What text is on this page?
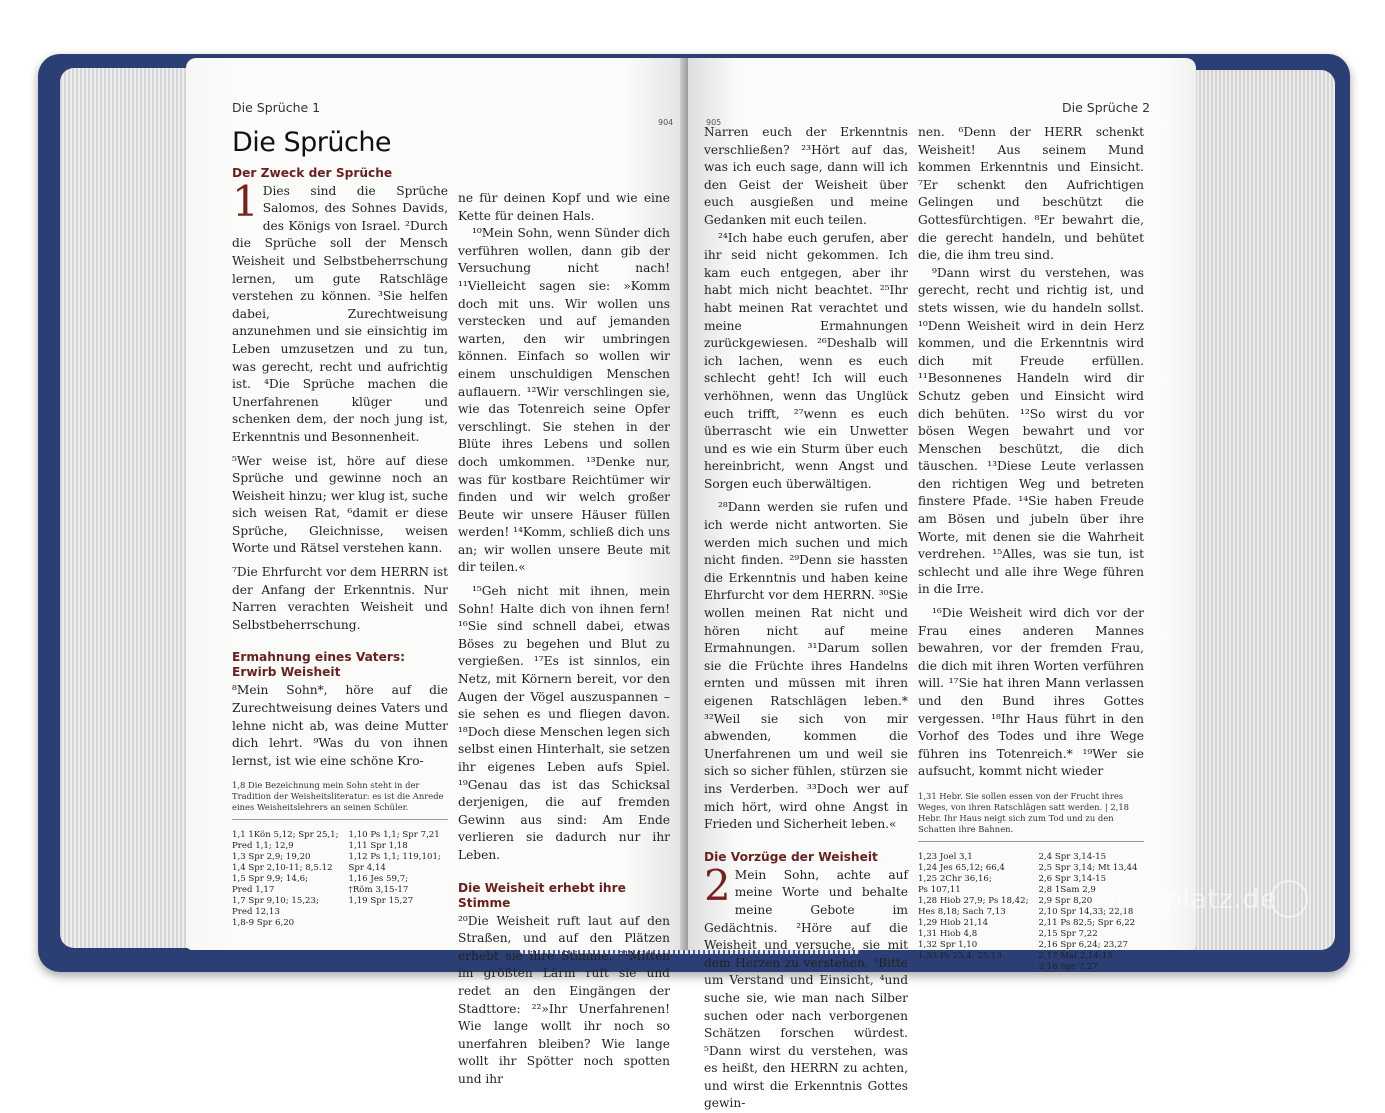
Die Sprüche 1
904
Die Sprüche
Der Zweck der Sprüche

1 Dies sind die Sprüche Salomos, des Sohnes Davids, des Königs von Israel. ²Durch die Sprüche soll der Mensch Weisheit und Selbstbeherrschung lernen, um gute Ratschläge verstehen zu können. ³Sie helfen dabei, Zurechtweisung anzunehmen und sie einsichtig im Leben umzusetzen und zu tun, was gerecht, recht und aufrichtig ist. ⁴Die Sprüche machen die Unerfahrenen klüger und schenken dem, der noch jung ist, Erkenntnis und Besonnenheit.

⁵Wer weise ist, höre auf diese Sprüche und gewinne noch an Weisheit hinzu; wer klug ist, suche sich weisen Rat, ⁶damit er diese Sprüche, Gleichnisse, weisen Worte und Rätsel verstehen kann.

⁷Die Ehrfurcht vor dem HERRN ist der Anfang der Erkenntnis. Nur Narren verachten Weisheit und Selbstbeherrschung.

Ermahnung eines Vaters: Erwirb Weisheit

⁸Mein Sohn*, höre auf die Zurechtweisung deines Vaters und lehne nicht ab, was deine Mutter dich lehrt. ⁹Was du von ihnen lernst, ist wie eine schöne Kro-

1,8 Die Bezeichnung mein Sohn steht in der Tradition der Weisheitsliteratur: es ist die Anrede eines Weisheitslehrers an seinen Schüler.
1,1 1Kön 5,12; Spr 25,1; 1,10 Ps 1,1; Spr 7,21
Pred 1,1; 12,9	1,11 Spr 1,18
1,3 Spr 2,9; 19,20	1,12 Ps 1,1; 119,101;
1,4 Spr 2,10-11; 8,5.12	Spr 4,14
1,5 Spr 9,9; 14,6;	1,16 Jes 59,7;
Pred 1,17	†Röm 3,15-17
1,7 Spr 9,10; 15,23;	1,19 Spr 15,27
Pred 12,13
1,8-9 Spr 6,20

ne für deinen Kopf und wie eine Kette für deinen Hals.

¹⁰Mein Sohn, wenn Sünder dich verführen wollen, dann gib der Versuchung nicht nach! ¹¹Vielleicht sagen sie: »Komm doch mit uns. Wir wollen uns verstecken und auf jemanden warten, den wir umbringen können. Einfach so wollen wir einem unschuldigen Menschen auflauern. ¹²Wir verschlingen sie, wie das Totenreich seine Opfer verschlingt. Sie stehen in der Blüte ihres Lebens und sollen doch umkommen. ¹³Denke nur, was für kostbare Reichtümer wir finden und wir welch großer Beute wir unsere Häuser füllen werden! ¹⁴Komm, schließ dich uns an; wir wollen unsere Beute mit dir teilen.«

¹⁵Geh nicht mit ihnen, mein Sohn! Halte dich von ihnen fern! ¹⁶Sie sind schnell dabei, etwas Böses zu begehen und Blut zu vergießen. ¹⁷Es ist sinnlos, ein Netz, mit Körnern bereit, vor den Augen der Vögel auszuspannen – sie sehen es und fliegen davon. ¹⁸Doch diese Menschen legen sich selbst einen Hinterhalt, sie setzen ihr eigenes Leben aufs Spiel. ¹⁹Genau das ist das Schicksal derjenigen, die auf fremden Gewinn aus sind: Am Ende verlieren sie dadurch nur ihr Leben.

Die Weisheit erhebt ihre Stimme

²⁰Die Weisheit ruft laut auf den Straßen, und auf den Plätzen erhebt sie ihre Stimme. ²¹Mitten im größten Lärm ruft sie und redet an den Eingängen der Stadttore: ²²»Ihr Unerfahrenen! Wie lange wollt ihr noch so unerfahren bleiben? Wie lange wollt ihr Spötter noch spotten und ihr

Die Sprüche 2
905

Narren euch der Erkenntnis verschließen? ²³Hört auf das, was ich euch sage, dann will ich den Geist der Weisheit über euch ausgießen und meine Gedanken mit euch teilen.

²⁴Ich habe euch gerufen, aber ihr seid nicht gekommen. Ich kam euch entgegen, aber ihr habt mich nicht beachtet. ²⁵Ihr habt meinen Rat verachtet und meine Ermahnungen zurückgewiesen. ²⁶Deshalb will ich lachen, wenn es euch schlecht geht! Ich will euch verhöhnen, wenn das Unglück euch trifft, ²⁷wenn es euch überrascht wie ein Unwetter und es wie ein Sturm über euch hereinbricht, wenn Angst und Sorgen euch überwältigen.

²⁸Dann werden sie rufen und ich werde nicht antworten. Sie werden mich suchen und mich nicht finden. ²⁹Denn sie hassten die Erkenntnis und haben keine Ehrfurcht vor dem HERRN. ³⁰Sie wollen meinen Rat nicht und hören nicht auf meine Ermahnungen. ³¹Darum sollen sie die Früchte ihres Handelns ernten und müssen mit ihren eigenen Ratschlägen leben.* ³²Weil sie sich von mir abwenden, kommen die Unerfahrenen um und weil sie sich so sicher fühlen, stürzen sie ins Verderben. ³³Doch wer auf mich hört, wird ohne Angst in Frieden und Sicherheit leben.«

Die Vorzüge der Weisheit

2 Mein Sohn, achte auf meine Worte und behalte meine Gebote im Gedächtnis. ²Höre auf die Weisheit und versuche, sie mit dem Herzen zu verstehen. ³Bitte um Verstand und Einsicht, ⁴und suche sie, wie man nach Silber suchen oder nach verborgenen Schätzen forschen würdest. ⁵Dann wirst du verstehen, was es heißt, den HERRN zu achten, und wirst die Erkenntnis Gottes gewin-

nen. ⁶Denn der HERR schenkt Weisheit! Aus seinem Mund kommen Erkenntnis und Einsicht. ⁷Er schenkt den Aufrichtigen Gelingen und beschützt die Gottesfürchtigen. ⁸Er bewahrt die, die gerecht handeln, und behütet die, die ihm treu sind.

⁹Dann wirst du verstehen, was gerecht, recht und richtig ist, und stets wissen, wie du handeln sollst. ¹⁰Denn Weisheit wird in dein Herz kommen, und die Erkenntnis wird dich mit Freude erfüllen. ¹¹Besonnenes Handeln wird dir Schutz geben und Einsicht wird dich behüten. ¹²So wirst du vor bösen Wegen bewahrt und vor Menschen beschützt, die dich täuschen. ¹³Diese Leute verlassen den richtigen Weg und betreten finstere Pfade. ¹⁴Sie haben Freude am Bösen und jubeln über ihre Worte, mit denen sie die Wahrheit verdrehen. ¹⁵Alles, was sie tun, ist schlecht und alle ihre Wege führen in die Irre.

¹⁶Die Weisheit wird dich vor der Frau eines anderen Mannes bewahren, vor der fremden Frau, die dich mit ihren Worten verführen will. ¹⁷Sie hat ihren Mann verlassen und den Bund ihres Gottes vergessen. ¹⁸Ihr Haus führt in den Vorhof des Todes und ihre Wege führen ins Totenreich.* ¹⁹Wer sie aufsucht, kommt nicht wieder

1,31 Hebr. Sie sollen essen von der Frucht ihres Weges, von ihren Ratschlägen satt werden. | 2,18 Hebr. Ihr Haus neigt sich zum Tod und zu den Schatten ihre Bahnen.
1,23 Joel 3,1	2,4 Spr 3,14-15
1,24 Jes 65,12; 66,4	2,5 Spr 3,14; Mt 13,44
1,25 2Chr 36,16;	2,6 Spr 3,14-15
Ps 107,11	2,8 1Sam 2,9
1,28 Hiob 27,9; Ps 18,42; 2,9 Spr 8,20
Hes 8,18; Sach 7,13	2,10 Spr 14,33; 22,18
1,29 Hiob 21,14	2,11 Ps 82,5; Spr 6,22
1,31 Hiob 4,8	2,15 Spr 7,22
1,32 Spr 1,10	2,16 Spr 6,24; 23,27
1,33 Ps 23,4; 25,13	2,17 Mal 2,14-15
2,18 Spr 7,27
leseplatz.de
